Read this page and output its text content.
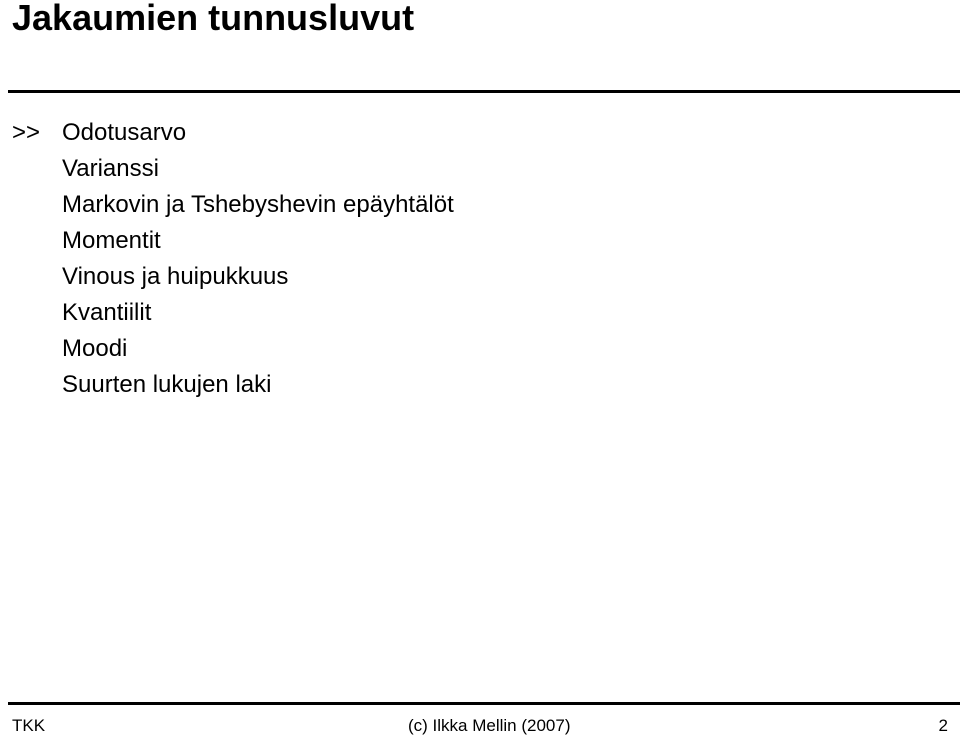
Jakaumien tunnusluvut
>> Odotusarvo
Varianssi
Markovin ja Tshebyshevin epäyhtälöt
Momentit
Vinous ja huipukkuus
Kvantiilit
Moodi
Suurten lukujen laki
TKK	(c) Ilkka Mellin (2007)	2
